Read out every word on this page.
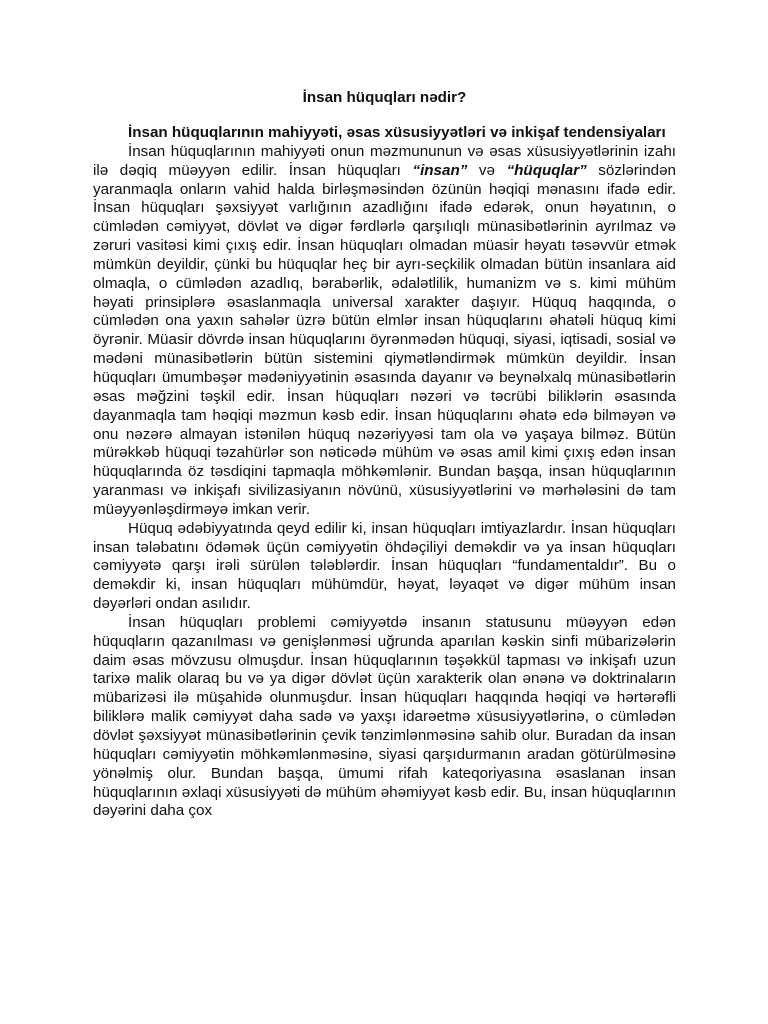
İnsan hüquqları nədir?

İnsan hüquqlarının mahiyyəti, əsas xüsusiyyətləri və inkişaf tendensiyaları

İnsan hüquqlarının mahiyyəti onun məzmununun və əsas xüsusiyyətlərinin izahı ilə dəqiq müəyyən edilir. İnsan hüquqları “insan” və “hüquqlar” sözlərindən yaranmaqla onların vahid halda birləşməsindən özünün həqiqi mənasını ifadə edir. İnsan hüquqları şəxsiyyət varlığının azadlığını ifadə edərək, onun həyatının, o cümlədən cəmiyyət, dövlət və digər fərdlərlə qarşılıqlı münasibətlərinin ayrılmaz və zəruri vasitəsi kimi çıxış edir. İnsan hüquqları olmadan müasir həyatı təsəvvür etmək mümkün deyildir, çünki bu hüquqlar heç bir ayrı-seçkilik olmadan bütün insanlara aid olmaqla, o cümlədən azadlıq, bərabərlik, ədalətlilik, humanizm və s. kimi mühüm həyati prinsiplərə əsaslanmaqla universal xarakter daşıyır. Hüquq haqqında, o cümlədən ona yaxın sahələr üzrə bütün elmlər insan hüquqlarını əhatəli hüquq kimi öyrənir. Müasir dövrdə insan hüquqlarını öyrənmədən hüquqi, siyasi, iqtisadi, sosial və mədəni münasibətlərin bütün sistemini qiymətləndirmək mümkün deyildir. İnsan hüquqları ümumbəşər mədəniyyətinin əsasında dayanır və beynəlxalq münasibətlərin əsas məğzini təşkil edir. İnsan hüquqları nəzəri və təcrübi biliklərin əsasında dayanmaqla tam həqiqi məzmun kəsb edir. İnsan hüquqlarını əhatə edə bilməyən və onu nəzərə almayan istənilən hüquq nəzəriyyəsi tam ola və yaşaya bilməz. Bütün mürəkkəb hüquqi təzahürlər son nəticədə mühüm və əsas amil kimi çıxış edən insan hüquqlarında öz təsdiqini tapmaqla möhkəmlənir. Bundan başqa, insan hüquqlarının yaranması və inkişafı sivilizasiyanın növünü, xüsusiyyətlərini və mərhələsini də tam müəyyənləşdirməyə imkan verir.

Hüquq ədəbiyyatında qeyd edilir ki, insan hüquqları imtiyazlardır. İnsan hüquqları insan tələbatını ödəmək üçün cəmiyyətin öhdəçiliyi deməkdir və ya insan hüquqları cəmiyyətə qarşı irəli sürülən tələblərdir. İnsan hüquqları “fundamentaldır”. Bu o deməkdir ki, insan hüquqları mühümdür, həyat, ləyaqət və digər mühüm insan dəyərləri ondan asılıdır.

İnsan hüquqları problemi cəmiyyətdə insanın statusunu müəyyən edən hüquqların qazanılması və genişlənməsi uğrunda aparılan kəskin sinfi mübarizələrin daim əsas mövzusu olmuşdur. İnsan hüquqlarının təşəkkül tapması və inkişafı uzun tarixə malik olaraq bu və ya digər dövlət üçün xarakterik olan ənənə və doktrinaların mübarizəsi ilə müşahidə olunmuşdur. İnsan hüquqları haqqında həqiqi və hərtərəfli biliklərə malik cəmiyyət daha sadə və yaxşı idarəetmə xüsusiyyətlərinə, o cümlədən dövlət şəxsiyyət münasibətlərinin çevik tənzimlənməsinə sahib olur. Buradan da insan hüquqları cəmiyyətin möhkəmlənməsinə, siyasi qarşıdurmanın aradan götürülməsinə yönəlmiş olur. Bundan başqa, ümumi rifah kateqoriyasına əsaslanan insan hüquqlarının əxlaqi xüsusiyyəti də mühüm əhəmiyyət kəsb edir. Bu, insan hüquqlarının dəyərini daha çox
